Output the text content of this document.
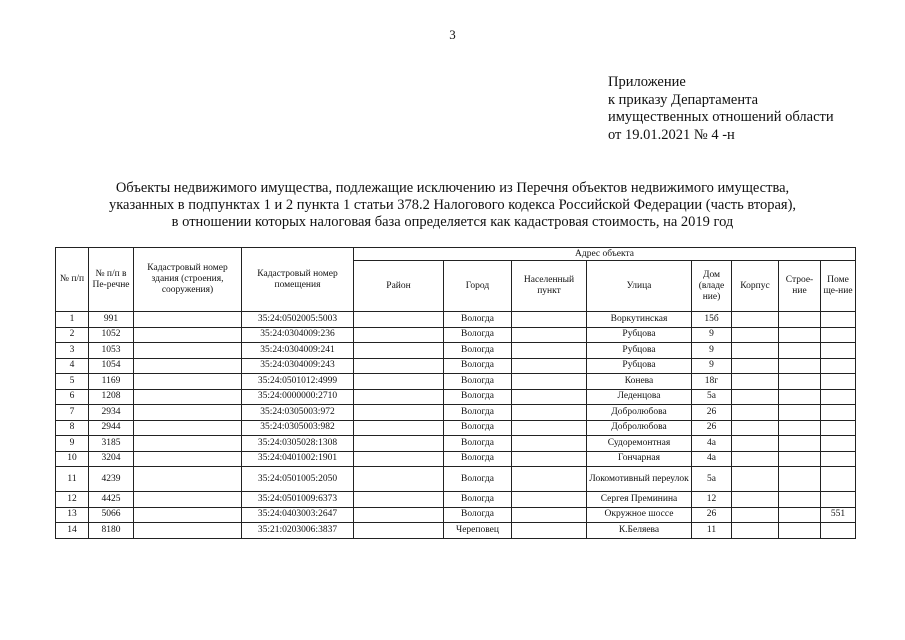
3
Приложение
к приказу Департамента
имущественных отношений области
от 19.01.2021 № 4 -н
Объекты недвижимого имущества, подлежащие исключению из Перечня объектов недвижимого имущества,
указанных в подпунктах 1 и 2 пункта 1 статьи 378.2 Налогового кодекса Российской Федерации (часть вторая),
в отношении которых налоговая база определяется как кадастровая стоимость, на 2019 год
№ п/п	№ п/п в Пе-речне	Кадастровый номер здания (строения, сооружения)	Кадастровый номер помещения	Адрес объекта							
				Район	Город	Населенный пункт	Улица	Дом (владе ние)	Корпус	Строе-ние	Поме ще-ние
1	991		35:24:0502005:5003		Вологда		Воркутинская	15б			
2	1052		35:24:0304009:236		Вологда		Рубцова	9			
3	1053		35:24:0304009:241		Вологда		Рубцова	9			
4	1054		35:24:0304009:243		Вологда		Рубцова	9			
5	1169		35:24:0501012:4999		Вологда		Конева	18г			
6	1208		35:24:0000000:2710		Вологда		Леденцова	5а			
7	2934		35:24:0305003:972		Вологда		Добролюбова	26			
8	2944		35:24:0305003:982		Вологда		Добролюбова	26			
9	3185		35:24:0305028:1308		Вологда		Судоремонтная	4а			
10	3204		35:24:0401002:1901		Вологда		Гончарная	4а			
11	4239		35:24:0501005:2050		Вологда		Локомотивный переулок	5а			
12	4425		35:24:0501009:6373		Вологда		Сергея Преминина	12			
13	5066		35:24:0403003:2647		Вологда		Окружное шоссе	26			551
14	8180		35:21:0203006:3837		Череповец		К.Беляева	11			
